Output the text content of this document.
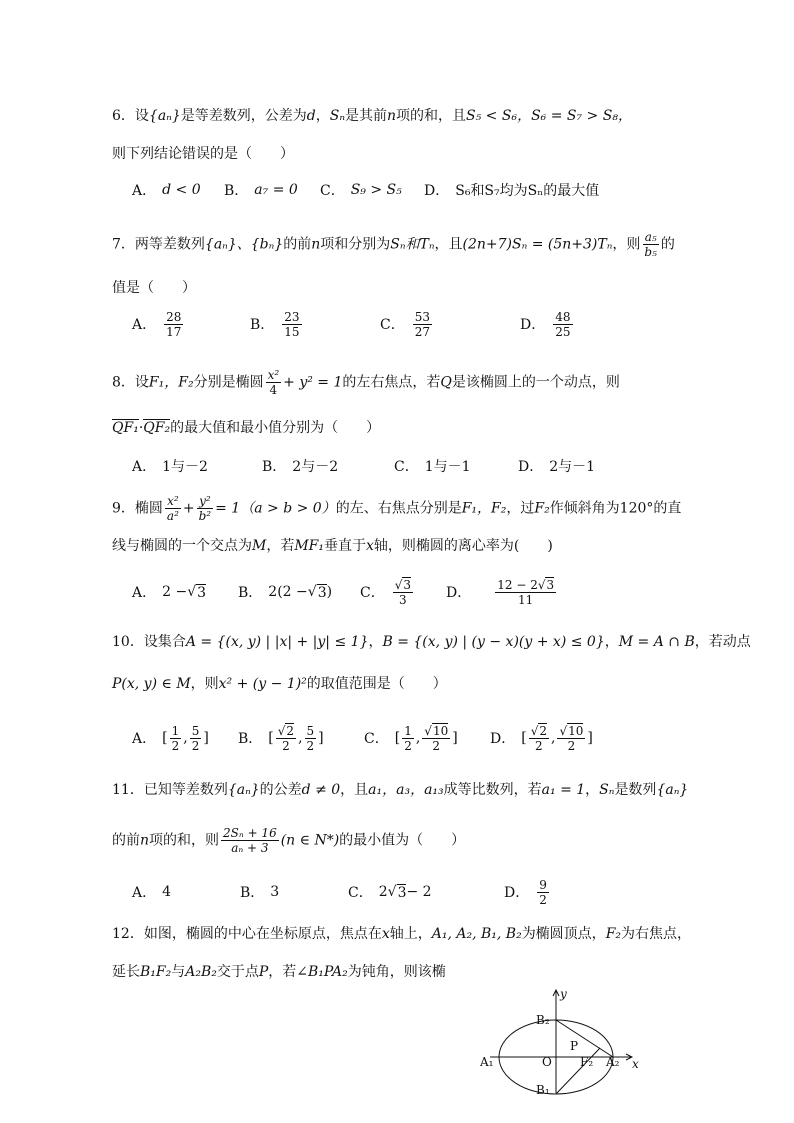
6．设{aₙ}是等差数列，公差为d，Sₙ是其前n项的和，且S₅ < S₆，S₆ = S₇ > S₈，
则下列结论错误的是（　　）
A． d < 0 B． a₇ = 0 C． S₉ > S₅ D． S₆和S₇均为Sₙ的最大值
7．两等差数列{aₙ}、{bₙ}的前n项和分别为Sₙ和Tₙ，且(2n+7)Sₙ = (5n+3)Tₙ，则 $\frac{\text{a₅}}{\text{b₅}}$ 的
值是（　　）
A． $\frac{28}{17}$	B． $\frac{23}{15}$	C． $\frac{53}{27}$	D． $\frac{48}{25}$
8．设F₁，F₂分别是椭圆 $\frac{\text{x²}}{4} + y^2 = 1$的左右焦点，若Q是该椭圆上的一个动点，则
QF₁·QF₂的最大值和最小值分别为（　　）
A． 1与－2	B． 2与－2	C． 1与－1	D． 2与－1
9．椭圆 $\frac{\text{x²}}{\text{a²}} + \frac{\text{y²}}{\text{b²}} = 1(a > b > 0)$的左、右焦点分别是F₁，F₂，过F₂作倾斜角为120°的直
线与椭圆的一个交点为M，若MF₁垂直于x轴，则椭圆的离心率为(　　)
A． 2 − √ 3 B． 2(2 − √ 3 ) C． $\frac{√3}{3}$ D． $\frac{12 - 2√3}{11}$
10．设集合A = {(x, y) | |x| + |y| ≤ 1}，B = {(x, y) | (y − x)(y + x) ≤ 0}，M = A ∩ B，若动点
P(x, y) ∈ M，则x² + (y − 1)²的取值范围是（　　）
A． [ $\frac{1}{2}$ , $\frac{5}{2}$ ] B． [ $\frac{√2}{2}$ , $\frac{5}{2}$ ]	C． [ $\frac{1}{2}$ , $\frac{√10}{2}$ ] D． [ $\frac{√2}{2}$ , $\frac{√10}{2}$ ]
11．已知等差数列{aₙ}的公差d ≠ 0，且a₁，a₃，a₁₃成等比数列，若a₁ = 1，Sₙ是数列{aₙ}
的前n项的和，则 $\frac{\text{2Sₙ + 16}}{\text{aₙ + 3}} (n$ ∈ N*)的最小值为（　　）
A． 4	B． 3	C． 2 √ 3 − 2	D． $\frac{9}{2}$
12．如图，椭圆的中心在坐标原点，焦点在x轴上，A₁, A₂, B₁, B₂为椭圆顶点，F₂为右焦点，
延长B₁F₂与A₂B₂交于点P，若∠B₁PA₂为钝角，则该椭
y
x
B₂
B₁
A₁	A₂
O
P
F₂
